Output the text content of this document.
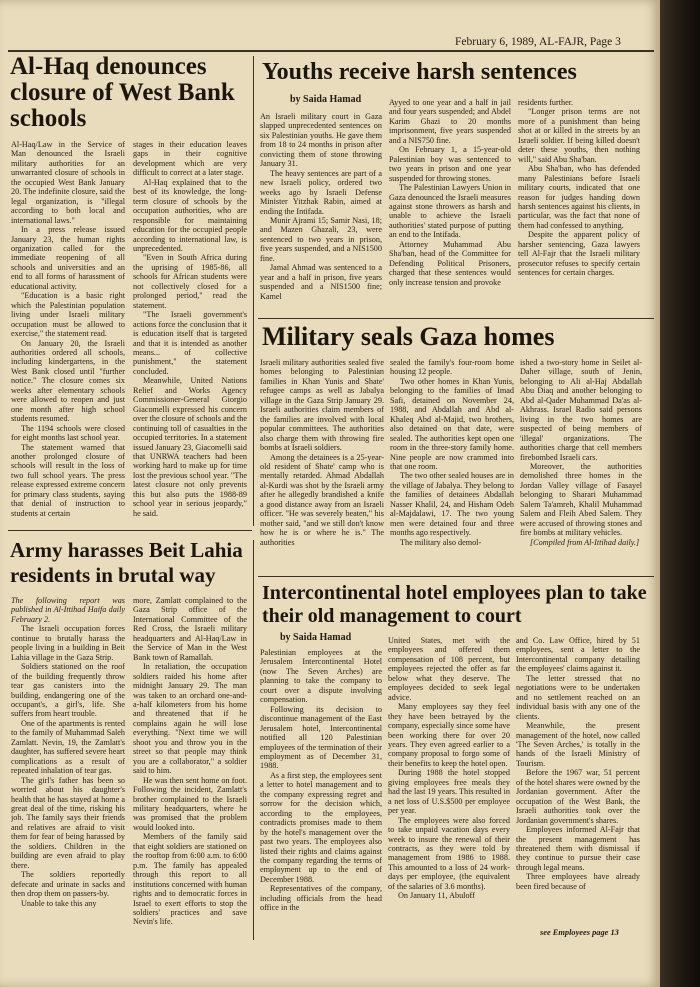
February 6, 1989, AL-FAJR, Page 3
Al-Haq denounces closure of West Bank schools

Al-Haq/Law in the Service of Man denounced the Israeli military authorities for an unwarranted closure of schools in the occupied West Bank January 20. The indefinite closure, said the legal organization, is "illegal according to both local and international laws."

In a press release issued January 23, the human rights organization called for the immediate reopening of all schools and universities and an end to all forms of harassment of educational activity.

"Education is a basic right which the Palestinian population living under Israeli military occupation must be allowed to exercise," the statement read.

On January 20, the Israeli authorities ordered all schools, including kindergartens, in the West Bank closed until "further notice." The closure comes six weeks after elementary schools were allowed to reopen and just one month after high school students resumed.

The 1194 schools were closed for eight months last school year.

The statement warned that another prolonged closure of schools will result in the loss of two full school years. The press release expressed extreme concern for primary class students, saying that denial of instruction to students at certain

stages in their education leaves gaps in their cognitive development which are very difficult to correct at a later stage.

Al-Haq explained that to the best of its knowledge, the long-term closure of schools by the occupation authorities, who are responsible for maintaining education for the occupied people according to international law, is unprecedented.

"Even in South Africa during the uprising of 1985-86, all schools for African students were not collectively closed for a prolonged period," read the statement.

"The Israeli government's actions force the conclusion that it is education itself that is targeted and that it is intended as another means... of collective punishment," the statement concluded.

Meanwhile, United Nations Relief and Works Agency Commissioner-General Giorgio Giacomelli expressed his concern over the closure of schools and the continuing toll of casualties in the occupied territories. In a statement issued January 23, Giacomelli said that UNRWA teachers had been working hard to make up for time lost the previous school year. "The latest closure not only prevents this but also puts the 1988-89 school year in serious jeopardy," he said.

Youths receive harsh sentences
by Saida Hamad

An Israeli military court in Gaza slapped unprecedented sentences on six Palestinian youths. He gave them from 18 to 24 months in prison after convicting them of stone throwing January 31.

The heavy sentences are part of a new Israeli policy, ordered two weeks ago by Israeli Defense Minister Yitzhak Rabin, aimed at ending the Intifada.

Munir Ajrami 15; Samir Nasi, 18; and Mazen Ghazali, 23, were sentenced to two years in prison, five years suspended, and a NIS1500 fine.

Jamal Ahmad was sentenced to a year and a half in prison, five years suspended and a NIS1500 fine; Kamel

Ayyed to one year and a half in jail and four years suspended; and Abdel Karim Ghazi to 20 months imprisonment, five years suspended and a NIS750 fine.

On February 1, a 15-year-old Palestinian boy was sentenced to two years in prison and one year suspended for throwing stones.

The Palestinian Lawyers Union in Gaza denounced the Israeli measures against stone throwers as harsh and unable to achieve the Israeli authorities' stated purpose of putting an end to the Intifada.

Attorney Muhammad Abu Sha'ban, head of the Committee for Defending Political Prisoners, charged that these sentences would only increase tension and provoke

residents further.

"Longer prison terms are not more of a punishment than being shot at or killed in the streets by an Israeli soldier. If being killed doesn't deter these youths, then nothing will," said Abu Sha'ban.

Abu Sha'ban, who has defended many Palestinians before Israeli military courts, indicated that one reason for judges handing down harsh sentences against his clients, in particular, was the fact that none of them had confessed to anything.

Despite the apparent policy of harsher sentencing, Gaza lawyers tell Al-Fajr that the Israeli military prosecutor refuses to specify certain sentences for certain charges.

Military seals Gaza homes

Israeli military authorities sealed five homes belonging to Palestinian families in Khan Yunis and Shate' refugee camps as well as Jabalya village in the Gaza Strip January 29. Israeli authorities claim members of the families are involved with local popular committees. The authorities also charge them with throwing fire bombs at Israeli soldiers.

Among the detainees is a 25-year-old resident of Shate' camp who is mentally retarded. Ahmad Abdallah al-Kurdi was shot by the Israeli army after he allegedly brandished a knife a good distance away from an Israeli officer. "He was severely beaten," his mother said, "and we still don't know how he is or where he is." The authorities

sealed the family's four-room home housing 12 people.

Two other homes in Khan Yunis, belonging to the families of Imad Safi, detained on November 24, 1988, and Abdallah and Abd al-Khaleq Abd al-Majid, two brothers, also detained on that date, were sealed. The authorities kept open one room in the three-story family home. Nine people are now crammed into that one room.

The two other sealed houses are in the village of Jabalya. They belong to the families of detainees Abdallah Nasser Khalil, 24, and Hisham Odeh al-Majdalawi, 17. The two young men were detained four and three months ago respectively.

The military also demol-

ished a two-story home in Seilet al-Daher village, south of Jenin, belonging to Ali al-Haj Abdallah Abu Diaq and another belonging to Abd al-Qader Muhammad Da'as al-Akhrass. Israel Radio said persons living in the two homes are suspected of being members of 'illegal' organizations. The authorities charge that cell members firebombed Israeli cars.

Moreover, the authorities demolished three homes in the Jordan Valley village of Fasayel belonging to Sharari Muhammad Salem Ta'amreh, Khalil Muhammad Salem and Fleih Abed Salem. They were accused of throwing stones and fire bombs at military vehicles.

[Compiled from Al-Ittihad daily.]

Army harasses Beit Lahia residents in brutal way

The following report was published in Al-Ittihad Haifa daily February 2.

The Israeli occupation forces continue to brutally harass the people living in a building in Beit Lahia village in the Gaza Strip.

Soldiers stationed on the roof of the building frequently throw tear gas canisters into the building, endangering one of the occupant's, a girl's, life. She suffers from heart trouble.

One of the apartments is rented to the family of Muhammad Saleh Zamlatt. Nevin, 19, the Zamlatt's daughter, has suffered severe heart complications as a result of repeated inhalation of tear gas.

The girl's father has been so worried about his daughter's health that he has stayed at home a great deal of the time, risking his job. The family says their friends and relatives are afraid to visit them for fear of being harassed by the soldiers. Children in the building are even afraid to play there.

The soldiers reportedly defecate and urinate in sacks and then drop them on passers-by.

Unable to take this any

more, Zamlatt complained to the Gaza Strip office of the International Committee of the Red Cross, the Israeli military headquarters and Al-Haq/Law in the Service of Man in the West Bank town of Ramallah.

In retaliation, the occupation soldiers raided his home after midnight January 29. The man was taken to an orchard one-and-a-half kilometers from his home and threatened that if he complains again he will lose everything. "Next time we will shoot you and throw you in the street so that people may think you are a collaborator," a soldier said to him.

He was then sent home on foot. Following the incident, Zamlatt's brother complained to the Israeli military headquarters, where he was promised that the problem would looked into.

Members of the family said that eight soldiers are stationed on the rooftop from 6:00 a.m. to 6:00 p.m. The family has appealed through this report to all institutions concerned with human rights and to democratic forces in Israel to exert efforts to stop the soldiers' practices and save Nevin's life.

Intercontinental hotel employees plan to take their old management to court
by Saida Hamad

Palestinian employees at the Jerusalem Intercontinental Hotel (now The Seven Arches) are planning to take the company to court over a dispute involving compensation.

Following its decision to discontinue management of the East Jerusalem hotel, Intercontinental notified all 120 Palestinian employees of the termination of their employment as of December 31, 1988.

As a first step, the employees sent a letter to hotel management and to the company expressing regret and sorrow for the decision which, according to the employees, contradicts promises made to them by the hotel's management over the past two years. The employees also listed their rights and claims against the company regarding the terms of employment up to the end of December 1988.

Representatives of the company, including officials from the head office in the

United States, met with the employees and offered them compensation of 108 percent, but employees rejected the offer as far below what they deserve. The employees decided to seek legal advice.

Many employees say they feel they have been betrayed by the company, especially since some have been working there for over 20 years. They even agreed earlier to a company proposal to forgo some of their benefits to keep the hotel open.

During 1988 the hotel stopped giving employees free meals they had the last 19 years. This resulted in a net loss of U.S.$500 per employee per year.

The employees were also forced to take unpaid vacation days every week to insure the renewal of their contracts, as they were told by management from 1986 to 1988. This amounted to a loss of 24 work-days per employee, (the equivalent of the salaries of 3.6 months).

On January 11, Abuloff

and Co. Law Office, hired by 51 employees, sent a letter to the Intercontinental company detailing the employees' claims against it.

The letter stressed that no negotiations were to be undertaken and no settlement reached on an individual basis with any one of the clients.

Meanwhile, the present management of the hotel, now called 'The Seven Arches,' is totally in the hands of the Israeli Ministry of Tourism.

Before the 1967 war, 51 percent of the hotel shares were owned by the Jordanian government. After the occupation of the West Bank, the Israeli authorities took over the Jordanian government's shares.

Employees informed Al-Fajr that the present management has threatened them with dismissal if they continue to pursue their case through legal means.

Three employees have already been fired because of

see Employees page 13
